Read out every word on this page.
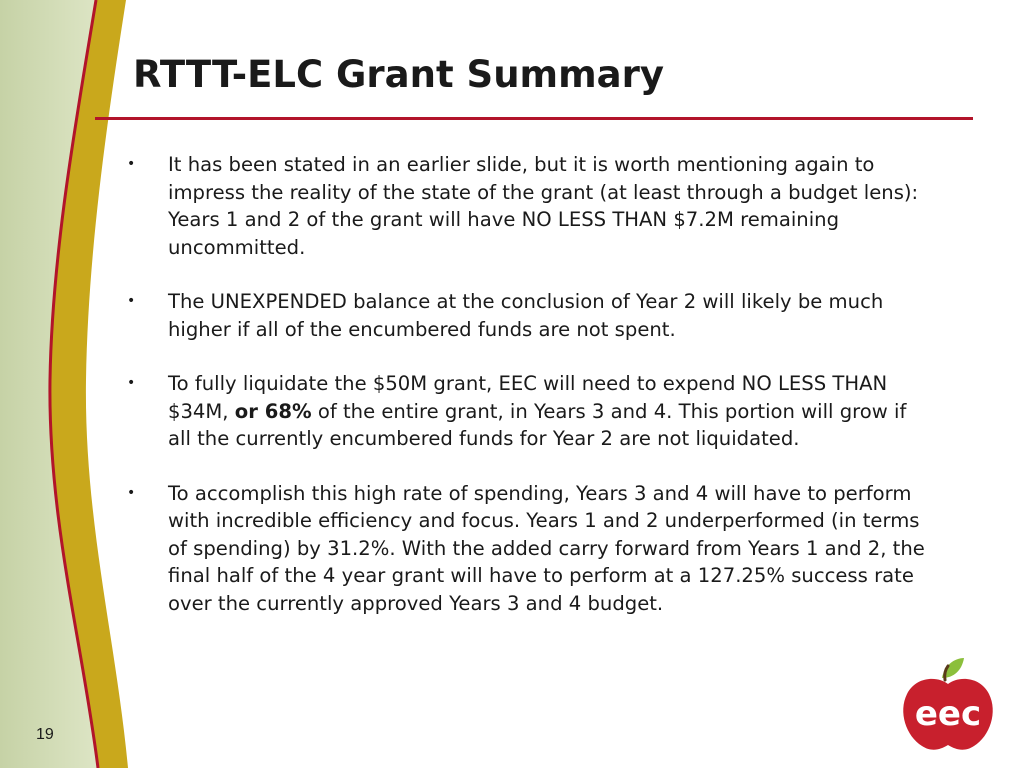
RTTT-ELC Grant Summary
• It has been stated in an earlier slide, but it is worth mentioning again to impress the reality of the state of the grant (at least through a budget lens): Years 1 and 2 of the grant will have NO LESS THAN $7.2M remaining uncommitted.
• The UNEXPENDED balance at the conclusion of Year 2 will likely be much higher if all of the encumbered funds are not spent.
• To fully liquidate the $50M grant, EEC will need to expend NO LESS THAN $34M, or 68% of the entire grant, in Years 3 and 4. This portion will grow if all the currently encumbered funds for Year 2 are not liquidated.
• To accomplish this high rate of spending, Years 3 and 4 will have to perform with incredible efficiency and focus. Years 1 and 2 underperformed (in terms of spending) by 31.2%. With the added carry forward from Years 1 and 2, the final half of the 4 year grant will have to perform at a 127.25% success rate over the currently approved Years 3 and 4 budget.
19
eec
